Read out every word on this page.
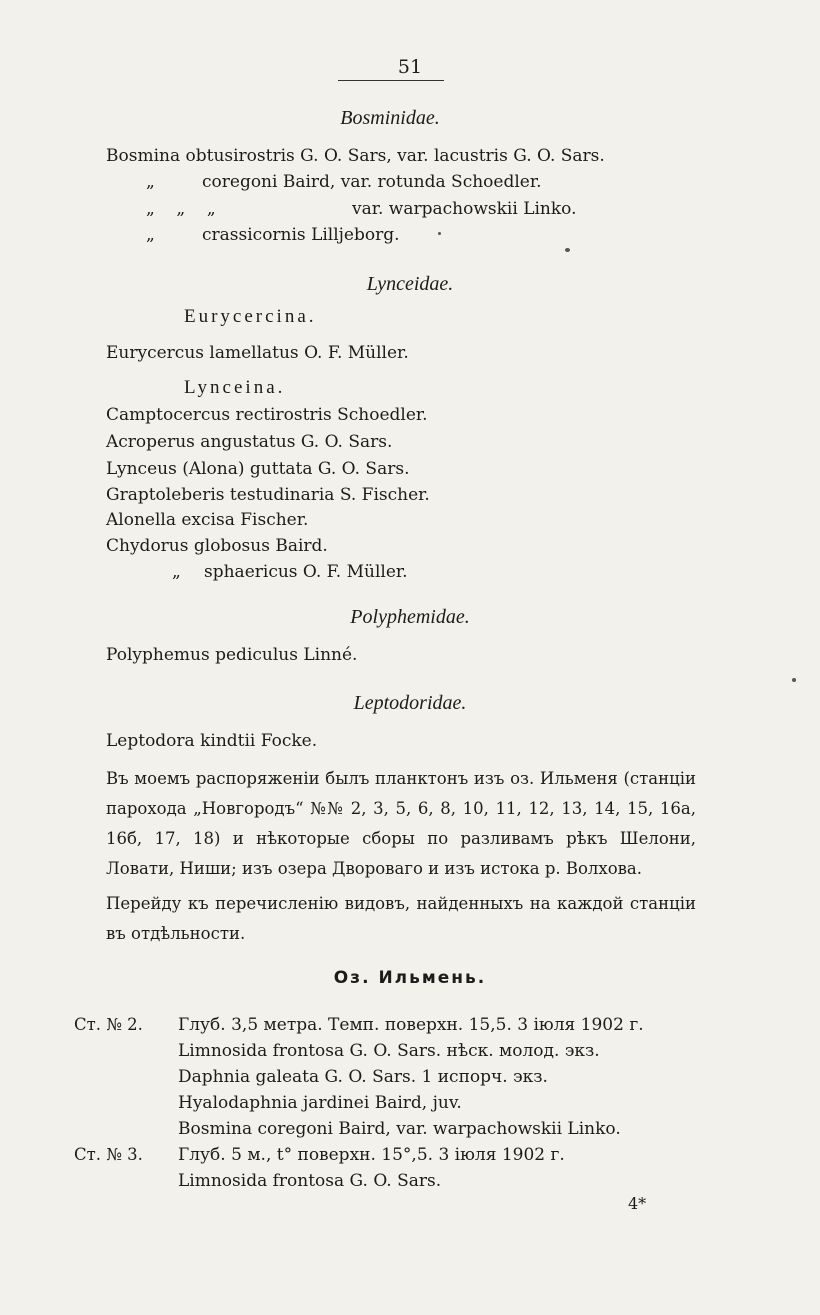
51
Bosminidae.
Bosmina obtusirostris G. O. Sars, var. lacustris G. O. Sars.
„	coregoni Baird, var. rotunda Schoedler.
„    „    „	var. warpachowskii Linko.
„	crassicornis Lilljeborg.
Lynceidae.
Eurycercina.
Eurycercus lamellatus O. F. Müller.
Lynceina.
Camptocercus rectirostris Schoedler.
Acroperus angustatus G. O. Sars.
Lynceus (Alona) guttata G. O. Sars.
Graptoleberis testudinaria S. Fischer.
Alonella excisa Fischer.
Chydorus globosus Baird.
„ sphaericus O. F. Müller.
Polyphemidae.
Polyphemus pediculus Linné.
Leptodoridae.
Leptodora kindtii Focke.
Въ моемъ распоряженіи былъ планктонъ изъ оз. Ильменя (станціи парохода „Новгородъ“ №№ 2, 3, 5, 6, 8, 10, 11, 12, 13, 14, 15, 16а, 16б, 17, 18) и нѣкоторые сборы по разливамъ рѣкъ Шелони, Ловати, Ниши; изъ озера Двороваго и изъ истока р. Волхова.
Перейду къ перечисленію видовъ, найденныхъ на каждой станціи въ отдѣльности.
Оз. Ильмень.
Ст. № 2. Глуб. 3,5 метра. Темп. поверхн. 15,5. 3 іюля 1902 г.
Limnosida frontosa G. O. Sars. нѣск. молод. экз.
Daphnia galeata G. O. Sars. 1 испорч. экз.
Hyalodaphnia jardinei Baird, juv.
Bosmina coregoni Baird, var. warpachowskii Linko.
Ст. № 3. Глуб. 5 м., t° поверхн. 15°,5. 3 іюля 1902 г.
Limnosida frontosa G. O. Sars.
4*
